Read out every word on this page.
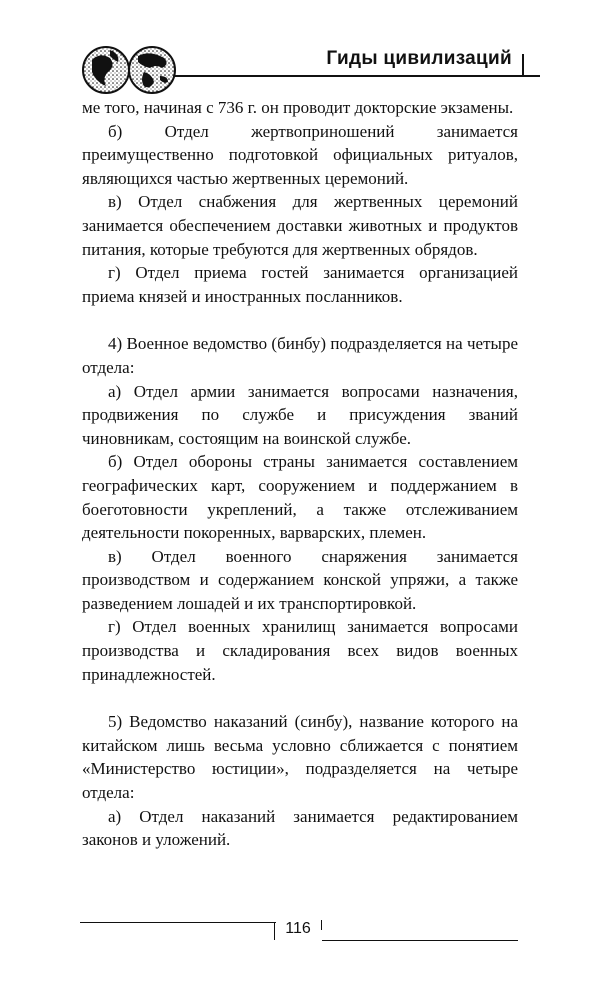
Гиды цивилизаций

ме того, начиная с 736 г. он проводит докторские экзамены.

б) Отдел жертвоприношений занимается преимущественно подготовкой официальных ритуалов, являющихся частью жертвенных церемоний.

в) Отдел снабжения для жертвенных церемоний занимается обеспечением доставки животных и продуктов питания, которые требуются для жертвенных обрядов.

г) Отдел приема гостей занимается организацией приема князей и иностранных посланников.

4) Военное ведомство (бинбу) подразделяется на четыре отдела:

а) Отдел армии занимается вопросами назначения, продвижения по службе и присуждения званий чиновникам, состоящим на воинской службе.

б) Отдел обороны страны занимается составлением географических карт, сооружением и поддержанием в боеготовности укреплений, а также отслеживанием деятельности покоренных, варварских, племен.

в) Отдел военного снаряжения занимается производством и содержанием конской упряжи, а также разведением лошадей и их транспортировкой.

г) Отдел военных хранилищ занимается вопросами производства и складирования всех видов военных принадлежностей.

5) Ведомство наказаний (синбу), название которого на китайском лишь весьма условно сближается с понятием «Министерство юстиции», подразделяется на четыре отдела:

а) Отдел наказаний занимается редактированием законов и уложений.

116
